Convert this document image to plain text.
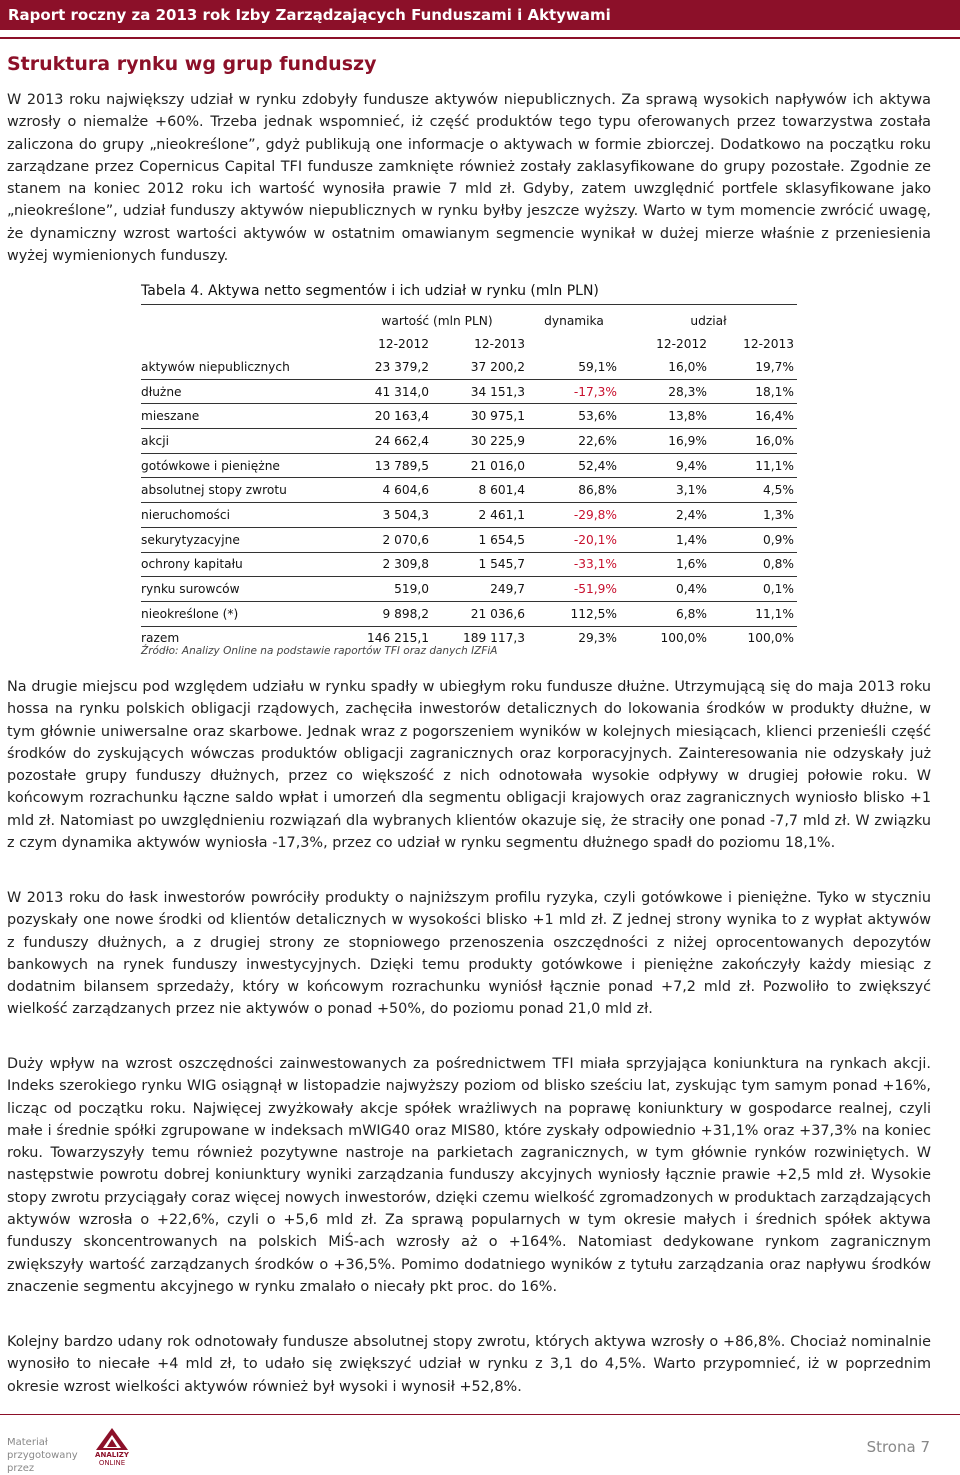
Raport roczny za 2013 rok Izby Zarządzających Funduszami i Aktywami
Struktura rynku wg grup funduszy
W 2013 roku największy udział w rynku zdobyły fundusze aktywów niepublicznych. Za sprawą wysokich napływów ich aktywa wzrosły o niemalże +60%. Trzeba jednak wspomnieć, iż część produktów tego typu oferowanych przez towarzystwa została zaliczona do grupy „nieokreślone”, gdyż publikują one informacje o aktywach w formie zbiorczej. Dodatkowo na początku roku zarządzane przez Copernicus Capital TFI fundusze zamknięte również zostały zaklasyfikowane do grupy pozostałe. Zgodnie ze stanem na koniec 2012 roku ich wartość wynosiła prawie 7 mld zł. Gdyby, zatem uwzględnić portfele sklasyfikowane jako „nieokreślone”, udział funduszy aktywów niepublicznych w rynku byłby jeszcze wyższy. Warto w tym momencie zwrócić uwagę, że dynamiczny wzrost wartości aktywów w ostatnim omawianym segmencie wynikał w dużej mierze właśnie z przeniesienia wyżej wymienionych funduszy.
Tabela 4. Aktywa netto segmentów i ich udział w rynku (mln PLN)
	wartość (mln PLN)		dynamika	udział	
	12-2012	12-2013		12-2012	12-2013
aktywów niepublicznych	23 379,2	37 200,2	59,1%	16,0%	19,7%
dłużne	41 314,0	34 151,3	-17,3%	28,3%	18,1%
mieszane	20 163,4	30 975,1	53,6%	13,8%	16,4%
akcji	24 662,4	30 225,9	22,6%	16,9%	16,0%
gotówkowe i pieniężne	13 789,5	21 016,0	52,4%	9,4%	11,1%
absolutnej stopy zwrotu	4 604,6	8 601,4	86,8%	3,1%	4,5%
nieruchomości	3 504,3	2 461,1	-29,8%	2,4%	1,3%
sekurytyzacyjne	2 070,6	1 654,5	-20,1%	1,4%	0,9%
ochrony kapitału	2 309,8	1 545,7	-33,1%	1,6%	0,8%
rynku surowców	519,0	249,7	-51,9%	0,4%	0,1%
nieokreślone (*)	9 898,2	21 036,6	112,5%	6,8%	11,1%
razem	146 215,1	189 117,3	29,3%	100,0%	100,0%
Źródło: Analizy Online na podstawie raportów TFI oraz danych IZFiA
Na drugie miejscu pod względem udziału w rynku spadły w ubiegłym roku fundusze dłużne. Utrzymującą się do maja 2013 roku hossa na rynku polskich obligacji rządowych, zachęciła inwestorów detalicznych do lokowania środków w produkty dłużne, w tym głównie uniwersalne oraz skarbowe. Jednak wraz z pogorszeniem wyników w kolejnych miesiącach, klienci przenieśli część środków do zyskujących wówczas produktów obligacji zagranicznych oraz korporacyjnych. Zainteresowania nie odzyskały już pozostałe grupy funduszy dłużnych, przez co większość z nich odnotowała wysokie odpływy w drugiej połowie roku. W końcowym rozrachunku łączne saldo wpłat i umorzeń dla segmentu obligacji krajowych oraz zagranicznych wyniosło blisko +1 mld zł. Natomiast po uwzględnieniu rozwiązań dla wybranych klientów okazuje się, że straciły one ponad -7,7 mld zł. W związku z czym dynamika aktywów wyniosła -17,3%, przez co udział w rynku segmentu dłużnego spadł do poziomu 18,1%.
W 2013 roku do łask inwestorów powróciły produkty o najniższym profilu ryzyka, czyli gotówkowe i pieniężne. Tyko w styczniu pozyskały one nowe środki od klientów detalicznych w wysokości blisko +1 mld zł. Z jednej strony wynika to z wypłat aktywów z funduszy dłużnych, a z drugiej strony ze stopniowego przenoszenia oszczędności z niżej oprocentowanych depozytów bankowych na rynek funduszy inwestycyjnych. Dzięki temu produkty gotówkowe i pieniężne zakończyły każdy miesiąc z dodatnim bilansem sprzedaży, który w końcowym rozrachunku wyniósł łącznie ponad +7,2 mld zł. Pozwoliło to zwiększyć wielkość zarządzanych przez nie aktywów o ponad +50%, do poziomu ponad 21,0 mld zł.
Duży wpływ na wzrost oszczędności zainwestowanych za pośrednictwem TFI miała sprzyjająca koniunktura na rynkach akcji. Indeks szerokiego rynku WIG osiągnął w listopadzie najwyższy poziom od blisko sześciu lat, zyskując tym samym ponad +16%, licząc od początku roku. Najwięcej zwyżkowały akcje spółek wrażliwych na poprawę koniunktury w gospodarce realnej, czyli małe i średnie spółki zgrupowane w indeksach mWIG40 oraz MIS80, które zyskały odpowiednio +31,1% oraz +37,3% na koniec roku. Towarzyszyły temu również pozytywne nastroje na parkietach zagranicznych, w tym głównie rynków rozwiniętych. W następstwie powrotu dobrej koniunktury wyniki zarządzania funduszy akcyjnych wyniosły łącznie prawie +2,5 mld zł. Wysokie stopy zwrotu przyciągały coraz więcej nowych inwestorów, dzięki czemu wielkość zgromadzonych w produktach zarządzających aktywów wzrosła o +22,6%, czyli o +5,6 mld zł. Za sprawą popularnych w tym okresie małych i średnich spółek aktywa funduszy skoncentrowanych na polskich MiŚ-ach wzrosły aż o +164%. Natomiast dedykowane rynkom zagranicznym zwiększyły wartość zarządzanych środków o +36,5%. Pomimo dodatniego wyników z tytułu zarządzania oraz napływu środków znaczenie segmentu akcyjnego w rynku zmalało o niecały pkt proc. do 16%.
Kolejny bardzo udany rok odnotowały fundusze absolutnej stopy zwrotu, których aktywa wzrosły o +86,8%. Chociaż nominalnie wynosiło to niecałe +4 mld zł, to udało się zwiększyć udział w rynku z 3,1 do 4,5%. Warto przypomnieć, iż w poprzednim okresie wzrost wielkości aktywów również był wysoki i wynosił +52,8%.
Materiał
przygotowany przez
ANALIZY
ONLINE
Strona 7
